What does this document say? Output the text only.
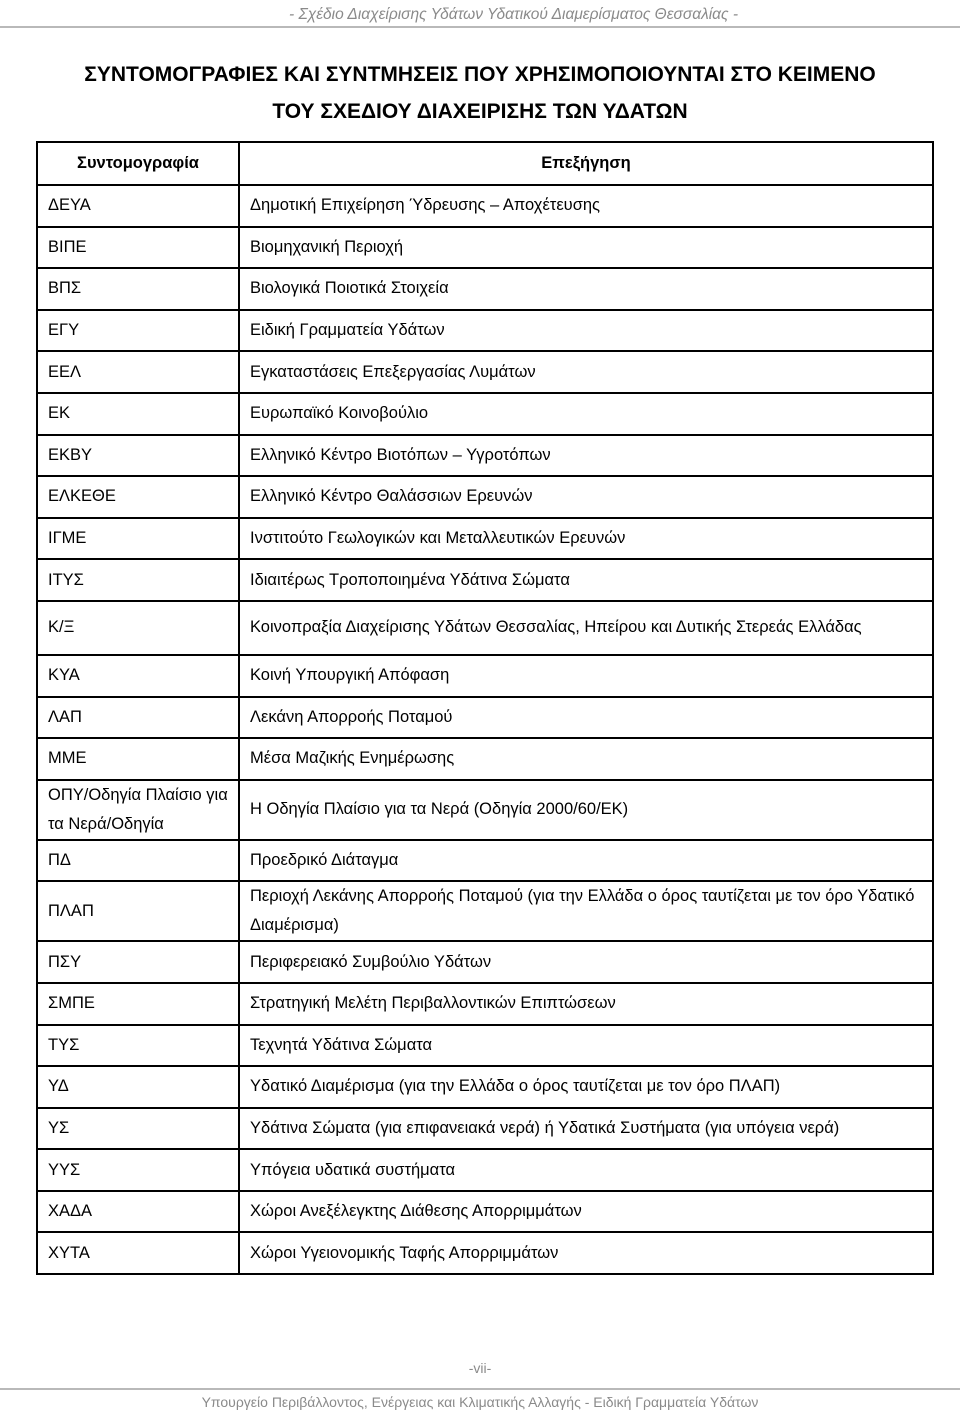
- Σχέδιο Διαχείρισης Υδάτων Υδατικού Διαμερίσματος Θεσσαλίας -
ΣΥΝΤΟΜΟΓΡΑΦΙΕΣ ΚΑΙ ΣΥΝΤΜΗΣΕΙΣ ΠΟΥ ΧΡΗΣΙΜΟΠΟΙΟΥΝΤΑΙ ΣΤΟ ΚΕΙΜΕΝΟ
ΤΟΥ ΣΧΕΔΙΟΥ ΔΙΑΧΕΙΡΙΣΗΣ ΤΩΝ ΥΔΑΤΩΝ
Συντομογραφία	Επεξήγηση
ΔΕΥΑ	Δημοτική Επιχείρηση Ύδρευσης – Αποχέτευσης
ΒΙΠΕ	Βιομηχανική Περιοχή
ΒΠΣ	Βιολογικά Ποιοτικά Στοιχεία
ΕΓΥ	Ειδική Γραμματεία Υδάτων
ΕΕΛ	Εγκαταστάσεις Επεξεργασίας Λυμάτων
ΕΚ	Ευρωπαϊκό Κοινοβούλιο
ΕΚΒΥ	Ελληνικό Κέντρο Βιοτόπων – Υγροτόπων
ΕΛΚΕΘΕ	Ελληνικό Κέντρο Θαλάσσιων Ερευνών
ΙΓΜΕ	Ινστιτούτο Γεωλογικών και Μεταλλευτικών Ερευνών
ΙΤΥΣ	Ιδιαιτέρως Τροποποιημένα Υδάτινα Σώματα
Κ/Ξ	Κοινοπραξία Διαχείρισης Υδάτων Θεσσαλίας, Ηπείρου και Δυτικής Στερεάς Ελλάδας
ΚΥΑ	Κοινή Υπουργική Απόφαση
ΛΑΠ	Λεκάνη Απορροής Ποταμού
ΜΜΕ	Μέσα Μαζικής Ενημέρωσης
ΟΠΥ/Οδηγία Πλαίσιο για τα Νερά/Οδηγία	Η Οδηγία Πλαίσιο για τα Νερά (Οδηγία 2000/60/ΕΚ)
ΠΔ	Προεδρικό Διάταγμα
ΠΛΑΠ	Περιοχή Λεκάνης Απορροής Ποταμού (για την Ελλάδα ο όρος ταυτίζεται με τον όρο Υδατικό Διαμέρισμα)
ΠΣΥ	Περιφερειακό Συμβούλιο Υδάτων
ΣΜΠΕ	Στρατηγική Μελέτη Περιβαλλοντικών Επιπτώσεων
ΤΥΣ	Τεχνητά Υδάτινα Σώματα
ΥΔ	Υδατικό Διαμέρισμα (για την Ελλάδα ο όρος ταυτίζεται με τον όρο ΠΛΑΠ)
ΥΣ	Υδάτινα Σώματα (για επιφανειακά νερά) ή Υδατικά Συστήματα (για υπόγεια νερά)
ΥΥΣ	Υπόγεια υδατικά συστήματα
ΧΑΔΑ	Χώροι Ανεξέλεγκτης Διάθεσης Απορριμμάτων
ΧΥΤΑ	Χώροι Υγειονομικής Ταφής Απορριμμάτων
-vii-
Υπουργείο Περιβάλλοντος, Ενέργειας και Κλιματικής Αλλαγής - Ειδική Γραμματεία Υδάτων
